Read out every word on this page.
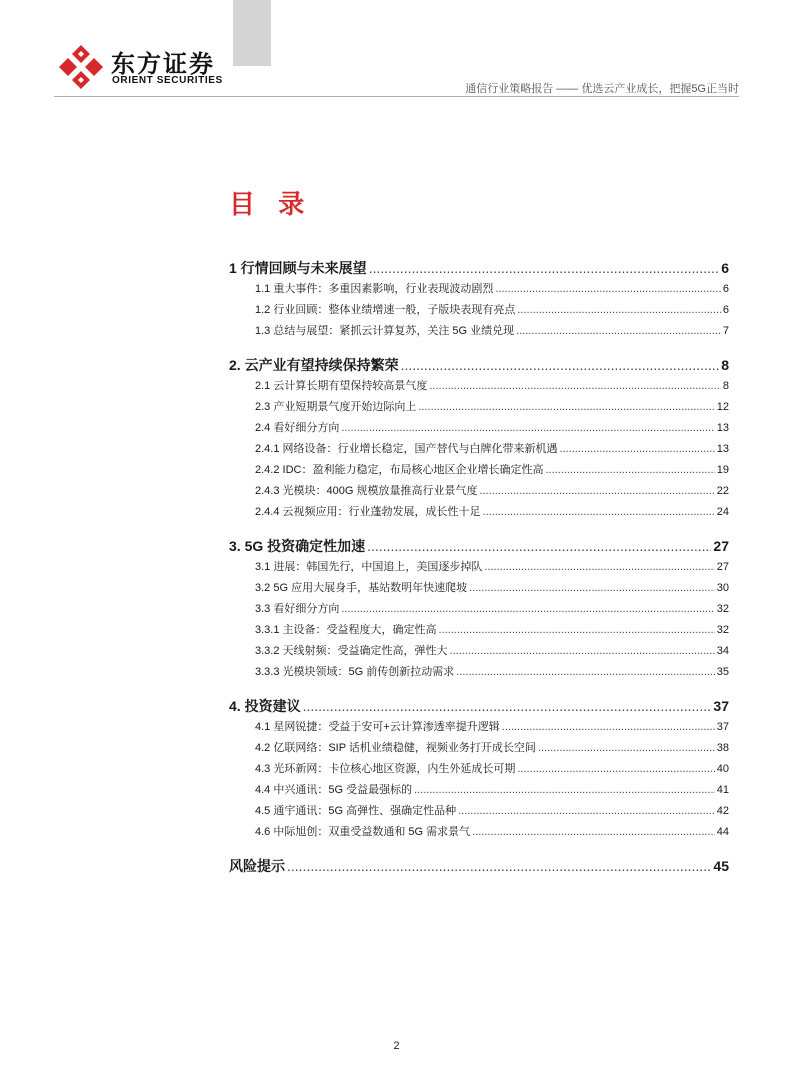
东方证券
ORIENT SECURITIES
通信行业策略报告 —— 优选云产业成长，把握5G正当时
目 录
1 行情回顾与未来展望 .....	6
1.1 重大事件：多重因素影响，行业表现波动剧烈 .....	6
1.2 行业回顾：整体业绩增速一般，子版块表现有亮点 .....	6
1.3 总结与展望：紧抓云计算复苏，关注 5G 业绩兑现 .....	7
2. 云产业有望持续保持繁荣 .....	8
2.1 云计算长期有望保持较高景气度 .....	8
2.3 产业短期景气度开始边际向上 .....	12
2.4 看好细分方向 .....	13
2.4.1 网络设备：行业增长稳定，国产替代与白牌化带来新机遇 .....	13
2.4.2 IDC：盈利能力稳定，布局核心地区企业增长确定性高 .....	19
2.4.3 光模块：400G 规模放量推高行业景气度 .....	22
2.4.4 云视频应用：行业蓬勃发展，成长性十足 .....	24
3. 5G 投资确定性加速 .....	27
3.1 进展：韩国先行，中国追上，美国逐步掉队 .....	27
3.2 5G 应用大展身手，基站数明年快速爬坡 .....	30
3.3 看好细分方向 .....	32
3.3.1 主设备：受益程度大，确定性高 .....	32
3.3.2 天线射频：受益确定性高，弹性大 .....	34
3.3.3 光模块领域：5G 前传创新拉动需求 .....	35
4. 投资建议 .....	37
4.1 星网锐捷：受益于安可+云计算渗透率提升逻辑 .....	37
4.2 亿联网络：SIP 话机业绩稳健，视频业务打开成长空间 .....	38
4.3 光环新网：卡位核心地区资源，内生外延成长可期 .....	40
4.4 中兴通讯：5G 受益最强标的 .....	41
4.5 通宇通讯：5G 高弹性、强确定性品种 .....	42
4.6 中际旭创：双重受益数通和 5G 需求景气 .....	44
风险提示 .....	45
2
